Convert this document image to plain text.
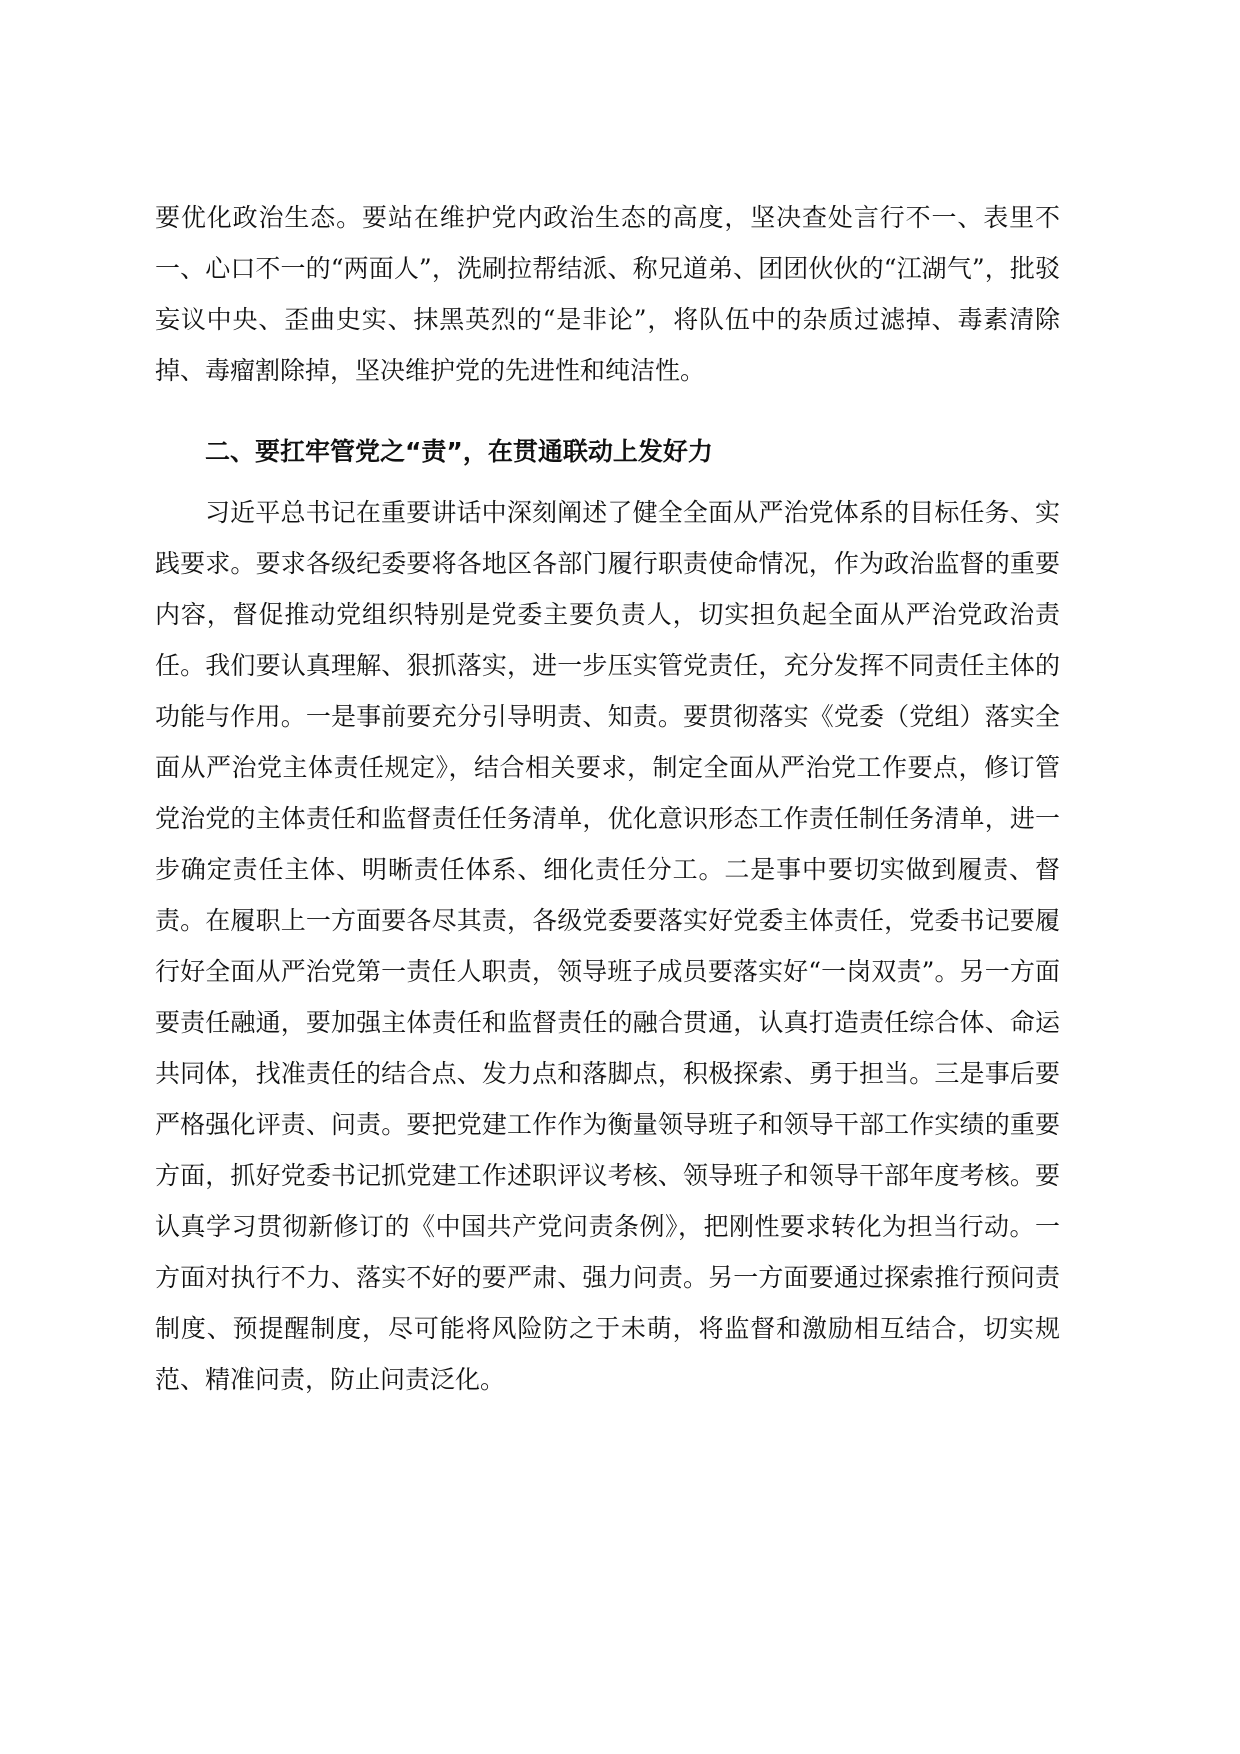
要优化政治生态。要站在维护党内政治生态的高度，坚决查处言行不一、表里不一、心口不一的“两面人”，洗刷拉帮结派、称兄道弟、团团伙伙的“江湖气”，批驳妄议中央、歪曲史实、抹黑英烈的“是非论”，将队伍中的杂质过滤掉、毒素清除掉、毒瘤割除掉，坚决维护党的先进性和纯洁性。

二、要扛牢管党之“责”，在贯通联动上发好力

习近平总书记在重要讲话中深刻阐述了健全全面从严治党体系的目标任务、实践要求。要求各级纪委要将各地区各部门履行职责使命情况，作为政治监督的重要内容，督促推动党组织特别是党委主要负责人，切实担负起全面从严治党政治责任。我们要认真理解、狠抓落实，进一步压实管党责任，充分发挥不同责任主体的功能与作用。一是事前要充分引导明责、知责。要贯彻落实《党委（党组）落实全面从严治党主体责任规定》，结合相关要求，制定全面从严治党工作要点，修订管党治党的主体责任和监督责任任务清单，优化意识形态工作责任制任务清单，进一步确定责任主体、明晰责任体系、细化责任分工。二是事中要切实做到履责、督责。在履职上一方面要各尽其责，各级党委要落实好党委主体责任，党委书记要履行好全面从严治党第一责任人职责，领导班子成员要落实好“一岗双责”。另一方面要责任融通，要加强主体责任和监督责任的融合贯通，认真打造责任综合体、命运共同体，找准责任的结合点、发力点和落脚点，积极探索、勇于担当。三是事后要严格强化评责、问责。要把党建工作作为衡量领导班子和领导干部工作实绩的重要方面，抓好党委书记抓党建工作述职评议考核、领导班子和领导干部年度考核。要认真学习贯彻新修订的《中国共产党问责条例》，把刚性要求转化为担当行动。一方面对执行不力、落实不好的要严肃、强力问责。另一方面要通过探索推行预问责制度、预提醒制度，尽可能将风险防之于未萌，将监督和激励相互结合，切实规范、精准问责，防止问责泛化。
